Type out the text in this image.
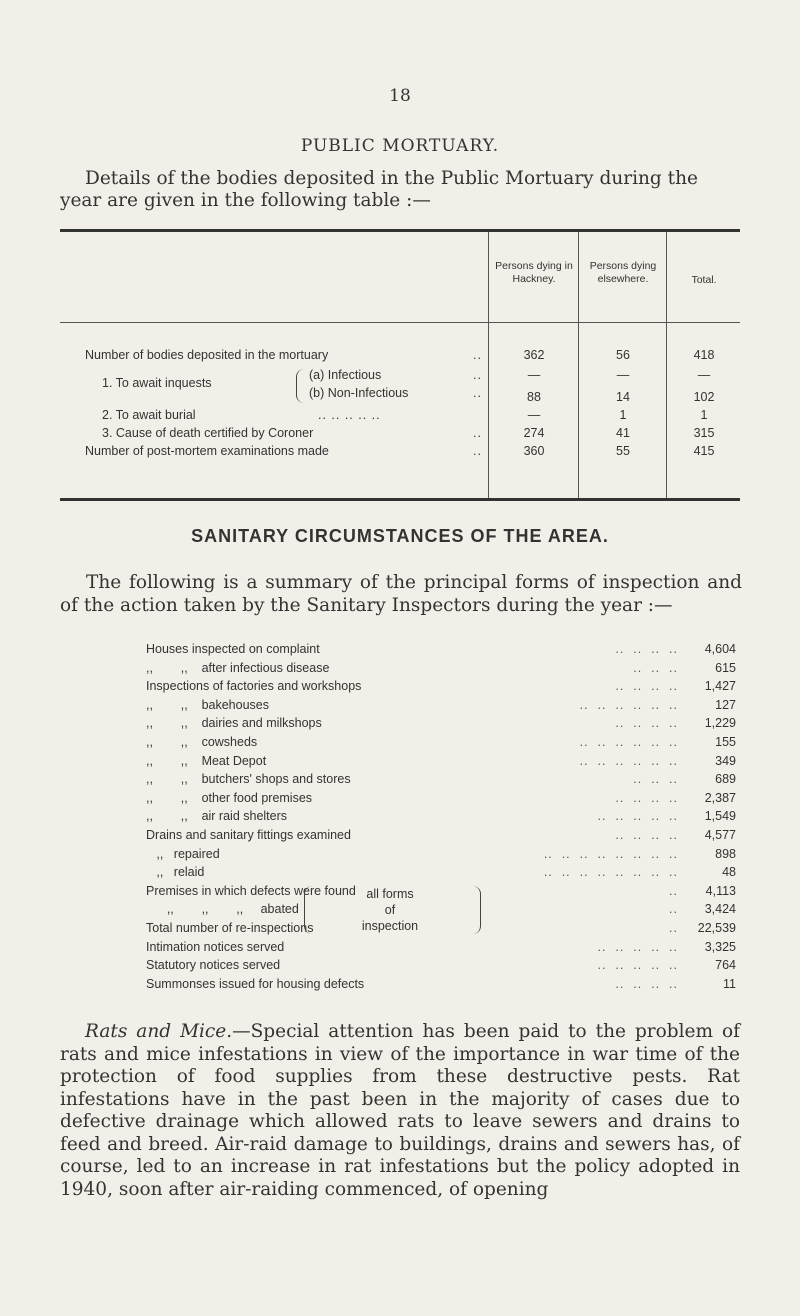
18
PUBLIC MORTUARY.

Details of the bodies deposited in the Public Mortuary during the year are given in the following table :—

Persons dying in Hackney.
Persons dying elsewhere.	Total.
Number of bodies deposited in the mortuary	..	362	56	418
1. To await inquests
(a) Infectious	..	—	—	—
(b) Non-Infectious	..	88	14	102
2. To await burial	.. .. .. .. ..	—	1	1
3. Cause of death certified by Coroner	..	274	41	315
Number of post-mortem examinations made	..	360	55	415
SANITARY CIRCUMSTANCES OF THE AREA.

The following is a summary of the principal forms of inspection and of the action taken by the Sanitary Inspectors during the year :—

Houses inspected on complaint	..  ..  ..  .. 4,604
,,        ,,    after infectious disease	..  ..  ..	615
Inspections of factories and workshops	..  ..  ..  .. 1,427
,,        ,,    bakehouses	..  ..  ..  ..  ..  ..	127
,,        ,,    dairies and milkshops	..  ..  ..  .. 1,229
,,        ,,    cowsheds	..  ..  ..  ..  ..  ..	155
,,        ,,    Meat Depot	..  ..  ..  ..  ..  ..	349
,,        ,,    butchers' shops and stores	..  ..  ..	689
,,        ,,    other food premises	..  ..  ..  .. 2,387
,,        ,,    air raid shelters	..  ..  ..  ..  .. 1,549
Drains and sanitary fittings examined	..  ..  ..  .. 4,577
,,   repaired	..  ..  ..  ..  ..  ..  ..  ..	898
,,   relaid	..  ..  ..  ..  ..  ..  ..  ..	48
Premises in which defects were found	.. 4,113
,,        ,,        ,,     abated	.. 3,424
Total number of re-inspections	.. 22,539
Intimation notices served	..  ..  ..  ..  .. 3,325
Statutory notices served	..  ..  ..  ..  ..	764
Summonses issued for housing defects	..  ..  ..  ..	11
all forms
of
inspection

Rats and Mice.—Special attention has been paid to the problem of rats and mice infestations in view of the importance in war time of the protection of food supplies from these destructive pests. Rat infestations have in the past been in the majority of cases due to defective drainage which allowed rats to leave sewers and drains to feed and breed. Air-raid damage to buildings, drains and sewers has, of course, led to an increase in rat infestations but the policy adopted in 1940, soon after air-raiding commenced, of opening
